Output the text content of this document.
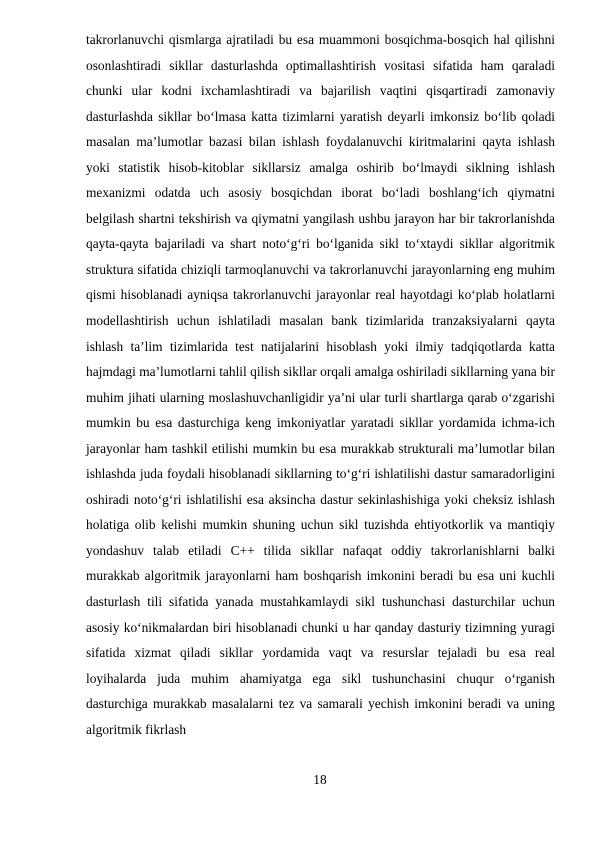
takrorlanuvchi qismlarga ajratiladi bu esa muammoni bosqichma-bosqich hal qilishni osonlashtiradi sikllar dasturlashda optimallashtirish vositasi sifatida ham qaraladi chunki ular kodni ixchamlashtiradi va bajarilish vaqtini qisqartiradi zamonaviy dasturlashda sikllar bo‘lmasa katta tizimlarni yaratish deyarli imkonsiz bo‘lib qoladi masalan ma’lumotlar bazasi bilan ishlash foydalanuvchi kiritmalarini qayta ishlash yoki statistik hisob-kitoblar sikllarsiz amalga oshirib bo‘lmaydi siklning ishlash mexanizmi odatda uch asosiy bosqichdan iborat bo‘ladi boshlang‘ich qiymatni belgilash shartni tekshirish va qiymatni yangilash ushbu jarayon har bir takrorlanishda qayta-qayta bajariladi va shart noto‘g‘ri bo‘lganida sikl to‘xtaydi sikllar algoritmik struktura sifatida chiziqli tarmoqlanuvchi va takrorlanuvchi jarayonlarning eng muhim qismi hisoblanadi ayniqsa takrorlanuvchi jarayonlar real hayotdagi ko‘plab holatlarni modellashtirish uchun ishlatiladi masalan bank tizimlarida tranzaksiyalarni qayta ishlash ta’lim tizimlarida test natijalarini hisoblash yoki ilmiy tadqiqotlarda katta hajmdagi ma’lumotlarni tahlil qilish sikllar orqali amalga oshiriladi sikllarning yana bir muhim jihati ularning moslashuvchanligidir ya’ni ular turli shartlarga qarab o‘zgarishi mumkin bu esa dasturchiga keng imkoniyatlar yaratadi sikllar yordamida ichma-ich jarayonlar ham tashkil etilishi mumkin bu esa murakkab strukturali ma’lumotlar bilan ishlashda juda foydali hisoblanadi sikllarning to‘g‘ri ishlatilishi dastur samaradorligini oshiradi noto‘g‘ri ishlatilishi esa aksincha dastur sekinlashishiga yoki cheksiz ishlash holatiga olib kelishi mumkin shuning uchun sikl tuzishda ehtiyotkorlik va mantiqiy yondashuv talab etiladi C++ tilida sikllar nafaqat oddiy takrorlanishlarni balki murakkab algoritmik jarayonlarni ham boshqarish imkonini beradi bu esa uni kuchli dasturlash tili sifatida yanada mustahkamlaydi sikl tushunchasi dasturchilar uchun asosiy ko‘nikmalardan biri hisoblanadi chunki u har qanday dasturiy tizimning yuragi sifatida xizmat qiladi sikllar yordamida vaqt va resurslar tejaladi bu esa real loyihalarda juda muhim ahamiyatga ega sikl tushunchasini chuqur o‘rganish dasturchiga murakkab masalalarni tez va samarali yechish imkonini beradi va uning algoritmik fikrlash

18
